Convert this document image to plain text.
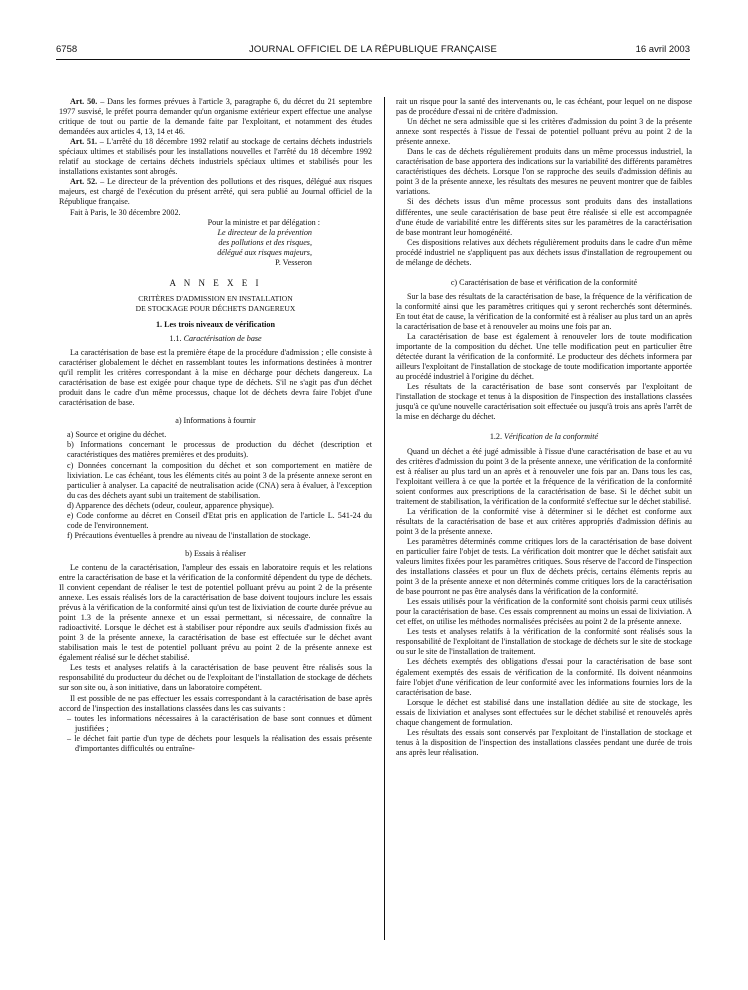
6758	JOURNAL OFFICIEL DE LA RÉPUBLIQUE FRANÇAISE	16 avril 2003

Art. 50. – Dans les formes prévues à l'article 3, paragraphe 6, du décret du 21 septembre 1977 susvisé, le préfet pourra demander qu'un organisme extérieur expert effectue une analyse critique de tout ou partie de la demande faite par l'exploitant, et notamment des études demandées aux articles 4, 13, 14 et 46.

Art. 51. – L'arrêté du 18 décembre 1992 relatif au stockage de certains déchets industriels spéciaux ultimes et stabilisés pour les installations nouvelles et l'arrêté du 18 décembre 1992 relatif au stockage de certains déchets industriels spéciaux ultimes et stabilisés pour les installations existantes sont abrogés.

Art. 52. – Le directeur de la prévention des pollutions et des risques, délégué aux risques majeurs, est chargé de l'exécution du présent arrêté, qui sera publié au Journal officiel de la République française.

Fait à Paris, le 30 décembre 2002.

Pour la ministre et par délégation :

Le directeur de la prévention

des pollutions et des risques,

délégué aux risques majeurs,

P. Vesseron

A N N E X E I

CRITÈRES D'ADMISSION EN INSTALLATION

DE STOCKAGE POUR DÉCHETS DANGEREUX

1. Les trois niveaux de vérification

1.1. Caractérisation de base

La caractérisation de base est la première étape de la procédure d'admission ; elle consiste à caractériser globalement le déchet en rassemblant toutes les informations destinées à montrer qu'il remplit les critères correspondant à la mise en décharge pour déchets dangereux. La caractérisation de base est exigée pour chaque type de déchets. S'il ne s'agit pas d'un déchet produit dans le cadre d'un même processus, chaque lot de déchets devra faire l'objet d'une caractérisation de base.

a) Informations à fournir

a) Source et origine du déchet.

b) Informations concernant le processus de production du déchet (description et caractéristiques des matières premières et des produits).

c) Données concernant la composition du déchet et son comportement en matière de lixiviation. Le cas échéant, tous les éléments cités au point 3 de la présente annexe seront en particulier à analyser. La capacité de neutralisation acide (CNA) sera à évaluer, à l'exception du cas des déchets ayant subi un traitement de stabilisation.

d) Apparence des déchets (odeur, couleur, apparence physique).

e) Code conforme au décret en Conseil d'Etat pris en application de l'article L. 541-24 du code de l'environnement.

f) Précautions éventuelles à prendre au niveau de l'installation de stockage.

b) Essais à réaliser

Le contenu de la caractérisation, l'ampleur des essais en laboratoire requis et les relations entre la caractérisation de base et la vérification de la conformité dépendent du type de déchets. Il convient cependant de réaliser le test de potentiel polluant prévu au point 2 de la présente annexe. Les essais réalisés lors de la caractérisation de base doivent toujours inclure les essais prévus à la vérification de la conformité ainsi qu'un test de lixiviation de courte durée prévue au point 1.3 de la présente annexe et un essai permettant, si nécessaire, de connaître la radioactivité. Lorsque le déchet est à stabiliser pour répondre aux seuils d'admission fixés au point 3 de la présente annexe, la caractérisation de base est effectuée sur le déchet avant stabilisation mais le test de potentiel polluant prévu au point 2 de la présente annexe est également réalisé sur le déchet stabilisé.

Les tests et analyses relatifs à la caractérisation de base peuvent être réalisés sous la responsabilité du producteur du déchet ou de l'exploitant de l'installation de stockage de déchets sur son site ou, à son initiative, dans un laboratoire compétent.

Il est possible de ne pas effectuer les essais correspondant à la caractérisation de base après accord de l'inspection des installations classées dans les cas suivants :

– toutes les informations nécessaires à la caractérisation de base sont connues et dûment justifiées ;

– le déchet fait partie d'un type de déchets pour lesquels la réalisation des essais présente d'importantes difficultés ou entraîne-

rait un risque pour la santé des intervenants ou, le cas échéant, pour lequel on ne dispose pas de procédure d'essai ni de critère d'admission.

Un déchet ne sera admissible que si les critères d'admission du point 3 de la présente annexe sont respectés à l'issue de l'essai de potentiel polluant prévu au point 2 de la présente annexe.

Dans le cas de déchets régulièrement produits dans un même processus industriel, la caractérisation de base apportera des indications sur la variabilité des différents paramètres caractéristiques des déchets. Lorsque l'on se rapproche des seuils d'admission définis au point 3 de la présente annexe, les résultats des mesures ne peuvent montrer que de faibles variations.

Si des déchets issus d'un même processus sont produits dans des installations différentes, une seule caractérisation de base peut être réalisée si elle est accompagnée d'une étude de variabilité entre les différents sites sur les paramètres de la caractérisation de base montrant leur homogénéité.

Ces dispositions relatives aux déchets régulièrement produits dans le cadre d'un même procédé industriel ne s'appliquent pas aux déchets issus d'installation de regroupement ou de mélange de déchets.

c) Caractérisation de base et vérification de la conformité

Sur la base des résultats de la caractérisation de base, la fréquence de la vérification de la conformité ainsi que les paramètres critiques qui y seront recherchés sont déterminés. En tout état de cause, la vérification de la conformité est à réaliser au plus tard un an après la caractérisation de base et à renouveler au moins une fois par an.

La caractérisation de base est également à renouveler lors de toute modification importante de la composition du déchet. Une telle modification peut en particulier être détectée durant la vérification de la conformité. Le producteur des déchets informera par ailleurs l'exploitant de l'installation de stockage de toute modification importante apportée au procédé industriel à l'origine du déchet.

Les résultats de la caractérisation de base sont conservés par l'exploitant de l'installation de stockage et tenus à la disposition de l'inspection des installations classées jusqu'à ce qu'une nouvelle caractérisation soit effectuée ou jusqu'à trois ans après l'arrêt de la mise en décharge du déchet.

1.2. Vérification de la conformité

Quand un déchet a été jugé admissible à l'issue d'une caractérisation de base et au vu des critères d'admission du point 3 de la présente annexe, une vérification de la conformité est à réaliser au plus tard un an après et à renouveler une fois par an. Dans tous les cas, l'exploitant veillera à ce que la portée et la fréquence de la vérification de la conformité soient conformes aux prescriptions de la caractérisation de base. Si le déchet subit un traitement de stabilisation, la vérification de la conformité s'effectue sur le déchet stabilisé.

La vérification de la conformité vise à déterminer si le déchet est conforme aux résultats de la caractérisation de base et aux critères appropriés d'admission définis au point 3 de la présente annexe.

Les paramètres déterminés comme critiques lors de la caractérisation de base doivent en particulier faire l'objet de tests. La vérification doit montrer que le déchet satisfait aux valeurs limites fixées pour les paramètres critiques. Sous réserve de l'accord de l'inspection des installations classées et pour un flux de déchets précis, certains éléments repris au point 3 de la présente annexe et non déterminés comme critiques lors de la caractérisation de base pourront ne pas être analysés dans la vérification de la conformité.

Les essais utilisés pour la vérification de la conformité sont choisis parmi ceux utilisés pour la caractérisation de base. Ces essais comprennent au moins un essai de lixiviation. A cet effet, on utilise les méthodes normalisées précisées au point 2 de la présente annexe.

Les tests et analyses relatifs à la vérification de la conformité sont réalisés sous la responsabilité de l'exploitant de l'installation de stockage de déchets sur le site de stockage ou sur le site de l'installation de traitement.

Les déchets exemptés des obligations d'essai pour la caractérisation de base sont également exemptés des essais de vérification de la conformité. Ils doivent néanmoins faire l'objet d'une vérification de leur conformité avec les informations fournies lors de la caractérisation de base.

Lorsque le déchet est stabilisé dans une installation dédiée au site de stockage, les essais de lixiviation et analyses sont effectuées sur le déchet stabilisé et renouvelés après chaque changement de formulation.

Les résultats des essais sont conservés par l'exploitant de l'installation de stockage et tenus à la disposition de l'inspection des installations classées pendant une durée de trois ans après leur réalisation.
